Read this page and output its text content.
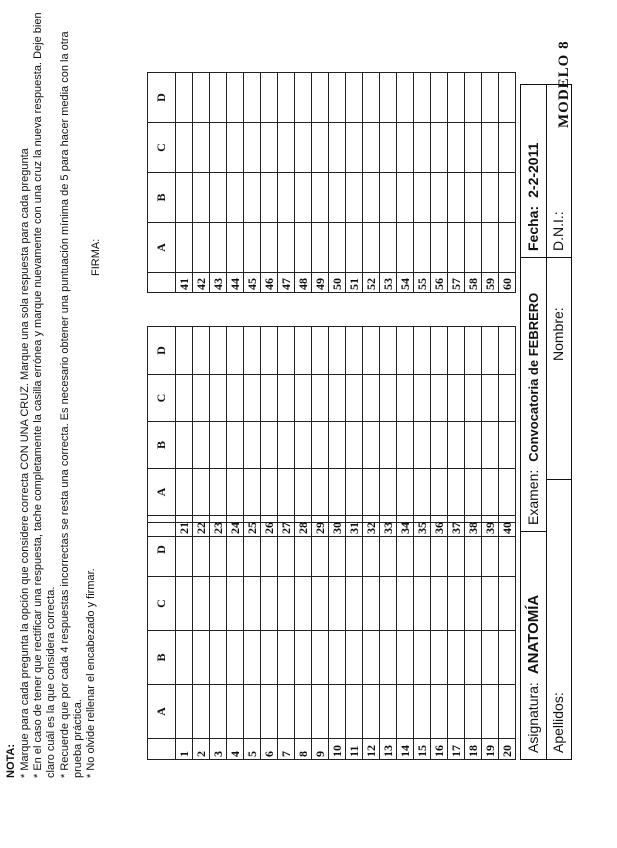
MODELO 8
Asignatura:ANATOMÍA
Examen:Convocatoria de FEBRERO
Fecha:2-2-2011
Apellidos:
Nombre:
D.N.I.:
	A	B	C	D
1				
2				
3				
4				
5				
6				
7				
8				
9				
10				
11				
12				
13				
14				
15				
16				
17				
18				
19				
20				
	A	B	C	D
21				
22				
23				
24				
25				
26				
27				
28				
29				
30				
31				
32				
33				
34				
35				
36				
37				
38				
39				
40				
	A	B	C	D
41				
42				
43				
44				
45				
46				
47				
48				
49				
50				
51				
52				
53				
54				
55				
56				
57				
58				
59				
60				
NOTA: * Marque para cada pregunta la opción que considere correcta CON UNA CRUZ. Marque una sola respuesta para cada pregunta * En el caso de tener que rectificar una respuesta, tache completamente la casilla errónea y marque nuevamente con una cruz la nueva respuesta. Deje bien claro cuál es la que considera correcta. * Recuerde que por cada 4 respuestas incorrectas se resta una correcta. Es necesario obtener una puntuación mínima de 5 para hacer media con la otra prueba práctica. * No olvide rellenar el encabezado y firmar.
FIRMA:
